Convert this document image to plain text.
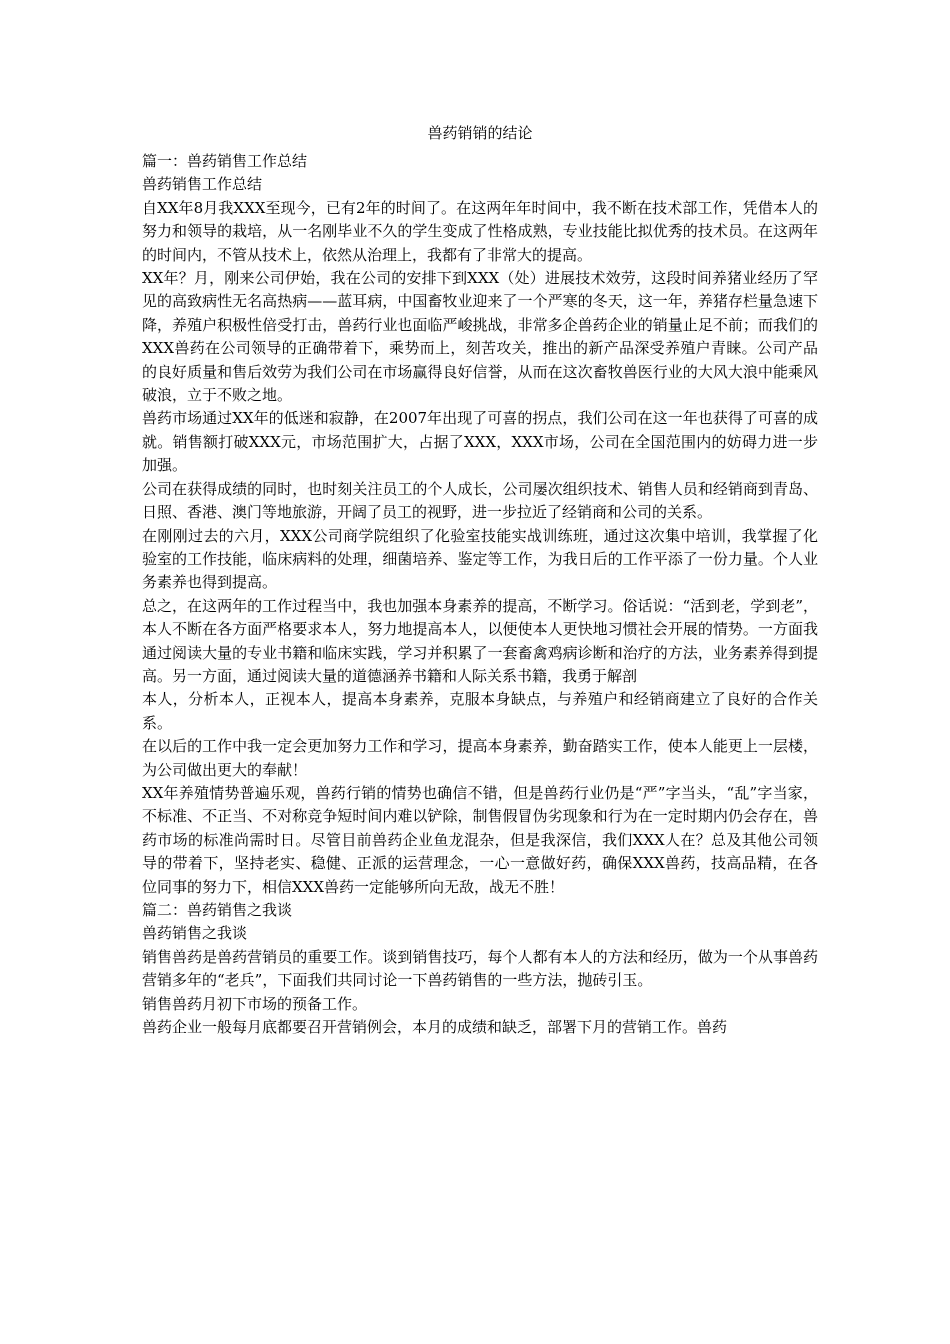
兽药销销的结论

篇一：兽药销售工作总结

兽药销售工作总结

自XX年8月我XXX至现今，已有2年的时间了。在这两年年时间中，我不断在技术部工作，凭借本人的努力和领导的栽培，从一名刚毕业不久的学生变成了性格成熟，专业技能比拟优秀的技术员。在这两年的时间内，不管从技术上，依然从治理上，我都有了非常大的提高。

XX年？月，刚来公司伊始，我在公司的安排下到XXX（处）进展技术效劳，这段时间养猪业经历了罕见的高致病性无名高热病——蓝耳病，中国畜牧业迎来了一个严寒的冬天，这一年，养猪存栏量急速下降，养殖户积极性倍受打击，兽药行业也面临严峻挑战，非常多企兽药企业的销量止足不前；而我们的XXX兽药在公司领导的正确带着下，乘势而上，刻苦攻关，推出的新产品深受养殖户青睐。公司产品的良好质量和售后效劳为我们公司在市场赢得良好信誉，从而在这次畜牧兽医行业的大风大浪中能乘风破浪，立于不败之地。

兽药市场通过XX年的低迷和寂静，在2007年出现了可喜的拐点，我们公司在这一年也获得了可喜的成就。销售额打破XXX元，市场范围扩大，占据了XXX，XXX市场，公司在全国范围内的妨碍力进一步加强。

公司在获得成绩的同时，也时刻关注员工的个人成长，公司屡次组织技术、销售人员和经销商到青岛、日照、香港、澳门等地旅游，开阔了员工的视野，进一步拉近了经销商和公司的关系。

在刚刚过去的六月，XXX公司商学院组织了化验室技能实战训练班，通过这次集中培训，我掌握了化验室的工作技能，临床病料的处理，细菌培养、鉴定等工作，为我日后的工作平添了一份力量。个人业务素养也得到提高。

总之，在这两年的工作过程当中，我也加强本身素养的提高，不断学习。俗话说：“活到老，学到老”，本人不断在各方面严格要求本人，努力地提高本人，以便使本人更快地习惯社会开展的情势。一方面我通过阅读大量的专业书籍和临床实践，学习并积累了一套畜禽鸡病诊断和治疗的方法，业务素养得到提高。另一方面，通过阅读大量的道德涵养书籍和人际关系书籍，我勇于解剖

本人，分析本人，正视本人，提高本身素养，克服本身缺点，与养殖户和经销商建立了良好的合作关系。

在以后的工作中我一定会更加努力工作和学习，提高本身素养，勤奋踏实工作，使本人能更上一层楼，为公司做出更大的奉献！

XX年养殖情势普遍乐观，兽药行销的情势也确信不错，但是兽药行业仍是“严”字当头，“乱”字当家，不标准、不正当、不对称竞争短时间内难以铲除，制售假冒伪劣现象和行为在一定时期内仍会存在，兽药市场的标准尚需时日。尽管目前兽药企业鱼龙混杂，但是我深信，我们XXX人在？总及其他公司领导的带着下，坚持老实、稳健、正派的运营理念，一心一意做好药，确保XXX兽药，技高品精，在各位同事的努力下，相信XXX兽药一定能够所向无敌，战无不胜！

篇二：兽药销售之我谈

兽药销售之我谈

销售兽药是兽药营销员的重要工作。谈到销售技巧，每个人都有本人的方法和经历，做为一个从事兽药营销多年的“老兵”，下面我们共同讨论一下兽药销售的一些方法，抛砖引玉。

销售兽药月初下市场的预备工作。

兽药企业一般每月底都要召开营销例会，本月的成绩和缺乏，部署下月的营销工作。兽药
